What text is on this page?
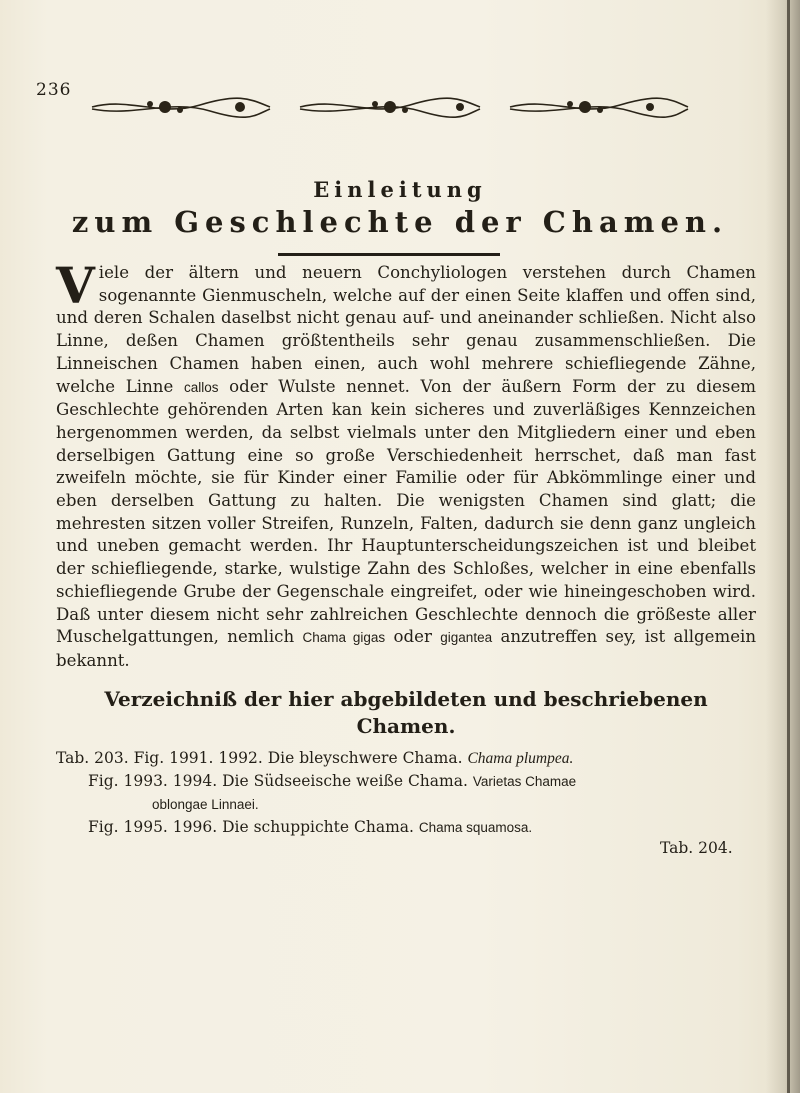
236
Einleitung
zum Geschlechte der Chamen.
Viele der ältern und neuern Conchyliologen verstehen durch Chamen sogenannte Gienmuscheln, welche auf der einen Seite klaffen und offen sind, und deren Schalen daselbst nicht genau auf- und aneinander schließen. Nicht also Linne, deßen Chamen größtentheils sehr genau zusammenschließen. Die Linneischen Chamen haben einen, auch wohl mehrere schiefliegende Zähne, welche Linne callos oder Wulste nennet. Von der äußern Form der zu diesem Geschlechte gehörenden Arten kan kein sicheres und zuverläßiges Kennzeichen hergenommen werden, da selbst vielmals unter den Mitgliedern einer und eben derselbigen Gattung eine so große Verschiedenheit herrschet, daß man fast zweifeln möchte, sie für Kinder einer Familie oder für Abkömmlinge einer und eben derselben Gattung zu halten. Die wenigsten Chamen sind glatt; die mehresten sitzen voller Streifen, Runzeln, Falten, dadurch sie denn ganz ungleich und uneben gemacht werden. Ihr Hauptunterscheidungszeichen ist und bleibet der schiefliegende, starke, wulstige Zahn des Schloßes, welcher in eine ebenfalls schiefliegende Grube der Gegenschale eingreifet, oder wie hineingeschoben wird. Daß unter diesem nicht sehr zahlreichen Geschlechte dennoch die größeste aller Muschelgattungen, nemlich Chama gigas oder gigantea anzutreffen sey, ist allgemein bekannt.
Verzeichniß der hier abgebildeten und beschriebenen Chamen.
Tab. 203. Fig. 1991. 1992. Die bleyschwere Chama. Chama plumpea.
Fig. 1993. 1994. Die Südseeische weiße Chama. Varietas Chamae
oblongae Linnaei.
Fig. 1995. 1996. Die schuppichte Chama. Chama squamosa.
Tab. 204.
